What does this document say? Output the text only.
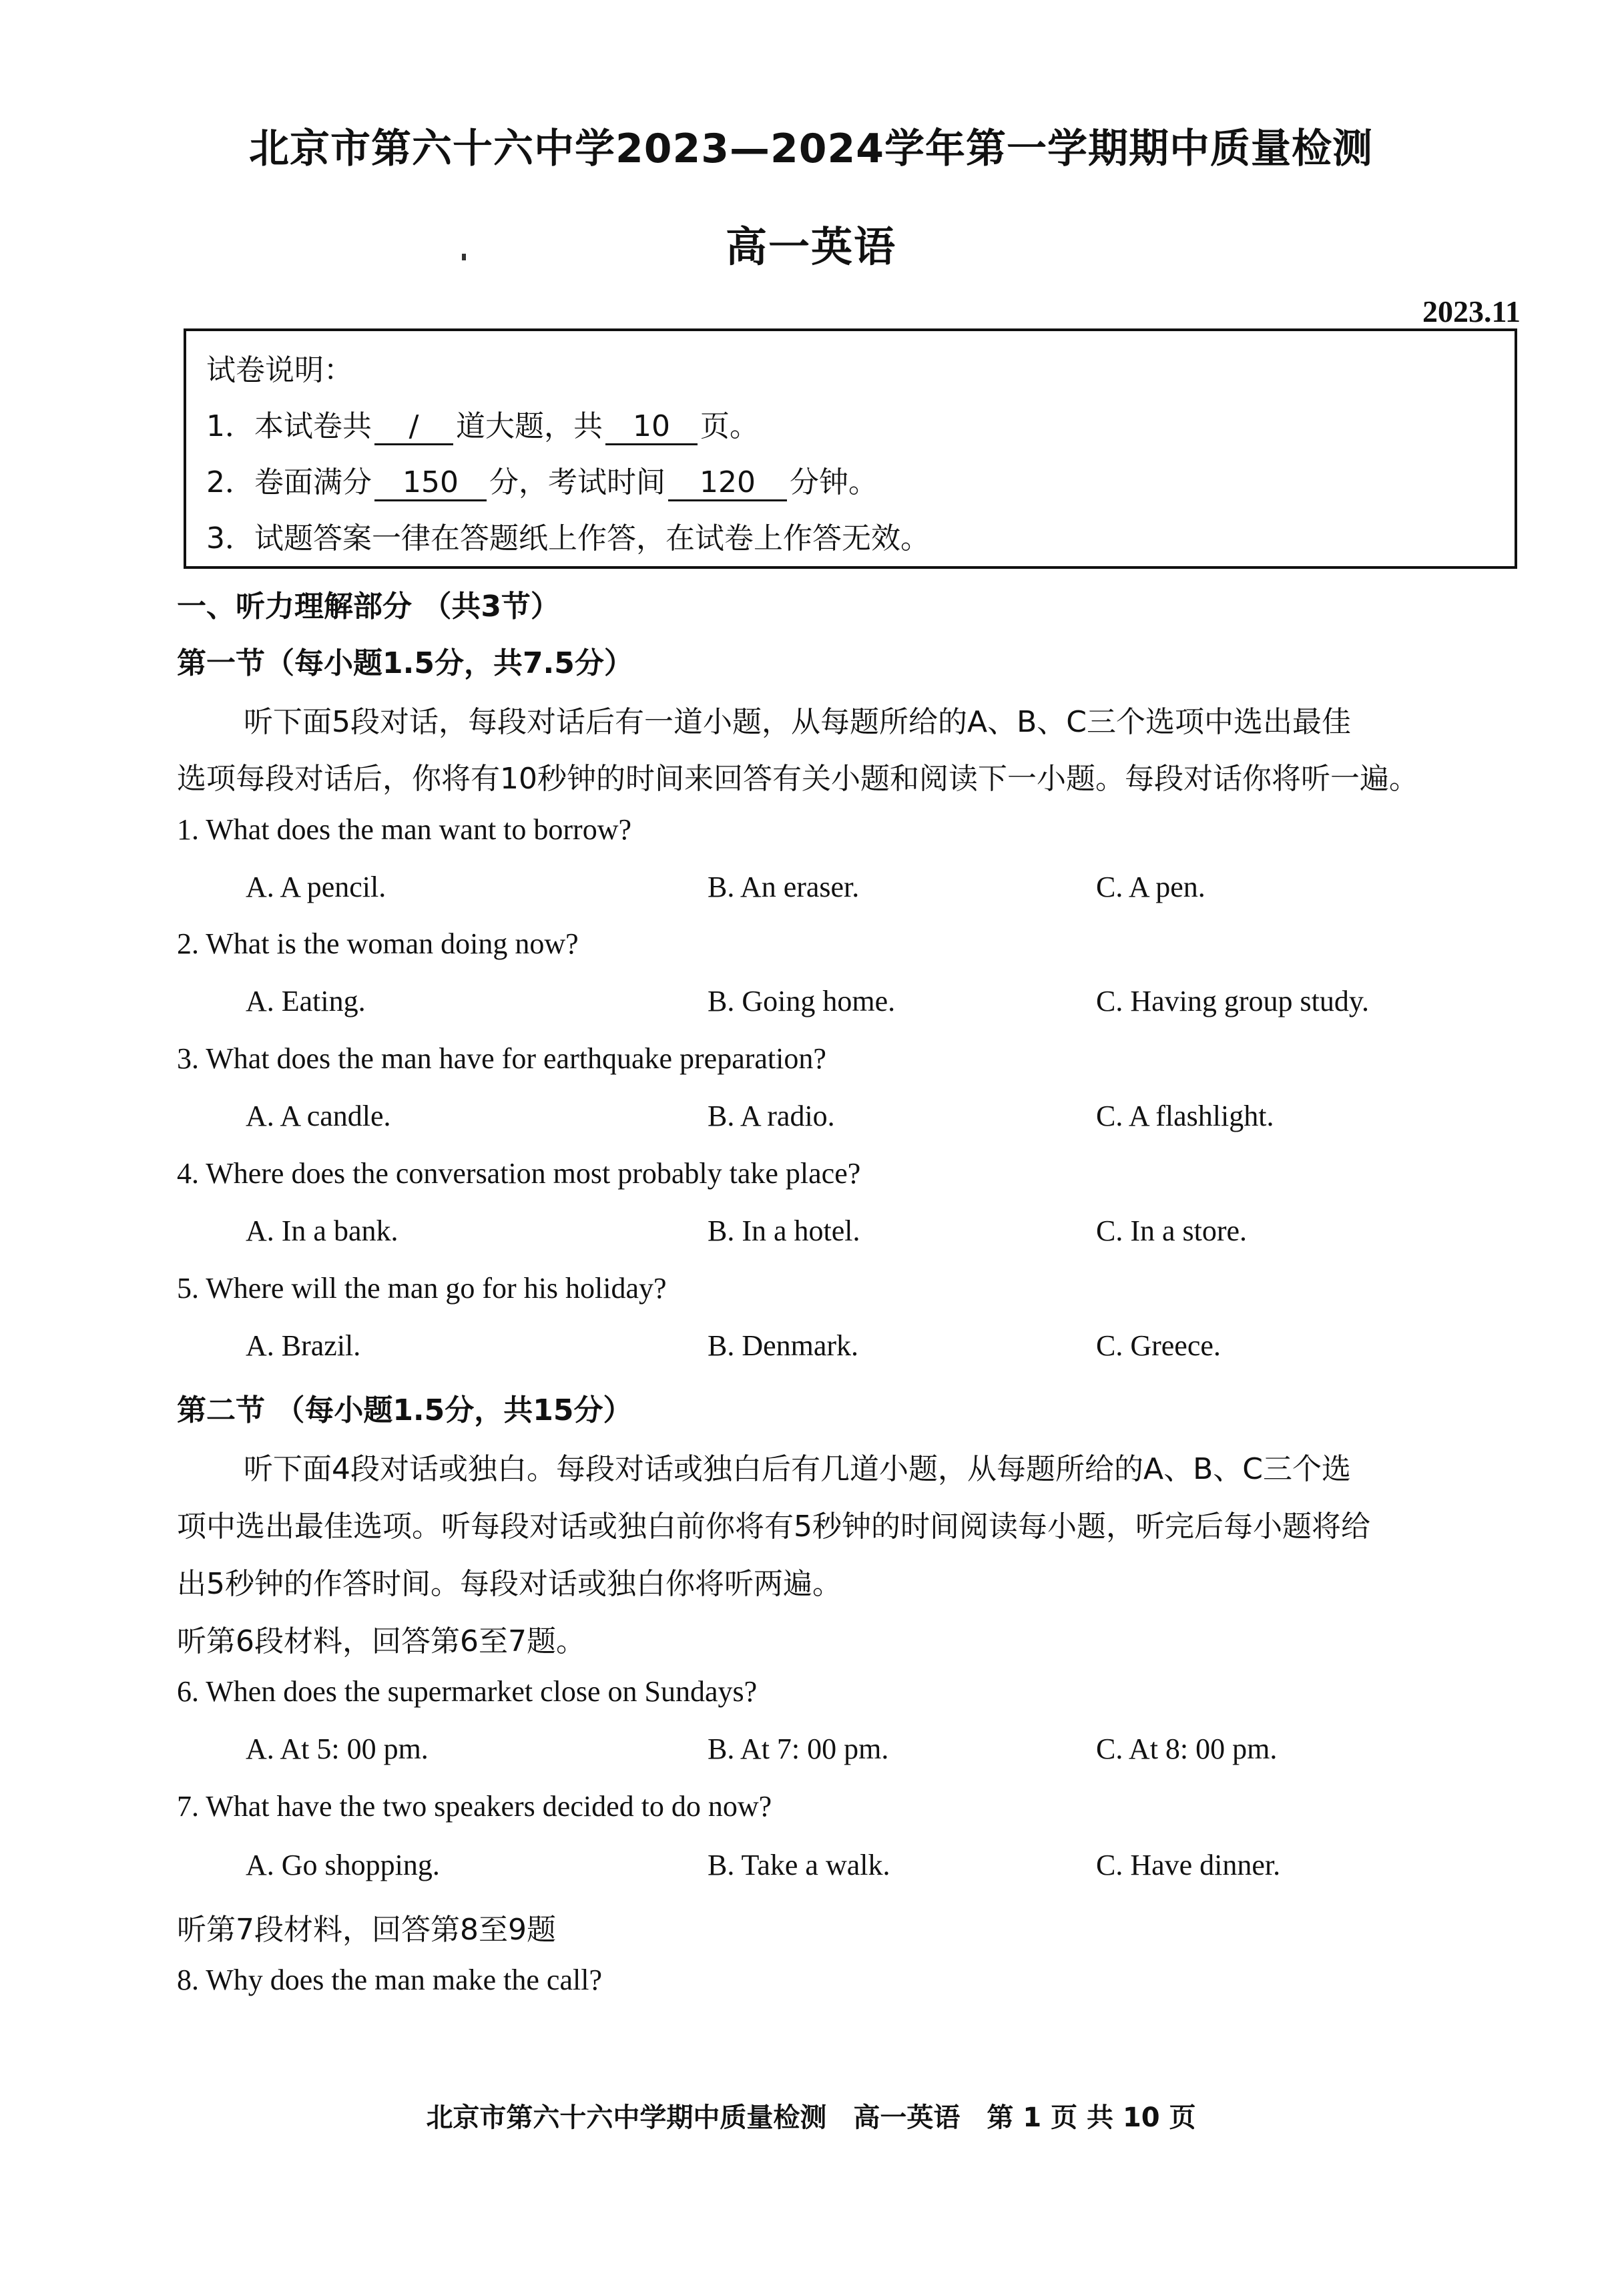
北京市第六十六中学2023—2024学年第一学期期中质量检测
高一英语
2023.11
试卷说明：
1．本试卷共 / 道大题，共 10 页。
2．卷面满分 150 分，考试时间 120 分钟。
3．试题答案一律在答题纸上作答，在试卷上作答无效。
一、听力理解部分 （共3节）
第一节（每小题1.5分，共7.5分）
听下面5段对话，每段对话后有一道小题，从每题所给的A、B、C三个选项中选出最佳
选项每段对话后，你将有10秒钟的时间来回答有关小题和阅读下一小题。每段对话你将听一遍。
1. What does the man want to borrow?
A. A pencil.	B. An eraser.	C. A pen.
2. What is the woman doing now?
A. Eating.	B. Going home.	C. Having group study.
3. What does the man have for earthquake preparation?
A. A candle.	B. A radio.	C. A flashlight.
4. Where does the conversation most probably take place?
A. In a bank.	B. In a hotel.	C. In a store.
5. Where will the man go for his holiday?
A. Brazil.	B. Denmark.	C. Greece.
第二节 （每小题1.5分，共15分）
听下面4段对话或独白。每段对话或独白后有几道小题，从每题所给的A、B、C三个选
项中选出最佳选项。听每段对话或独白前你将有5秒钟的时间阅读每小题，听完后每小题将给
出5秒钟的作答时间。每段对话或独白你将听两遍。
听第6段材料，回答第6至7题。
6. When does the supermarket close on Sundays?
A. At 5: 00 pm.	B. At 7: 00 pm.	C. At 8: 00 pm.
7. What have the two speakers decided to do now?
A. Go shopping.	B. Take a walk.	C. Have dinner.
听第7段材料，回答第8至9题
8. Why does the man make the call?
北京市第六十六中学期中质量检测　高一英语　第 1 页 共 10 页
